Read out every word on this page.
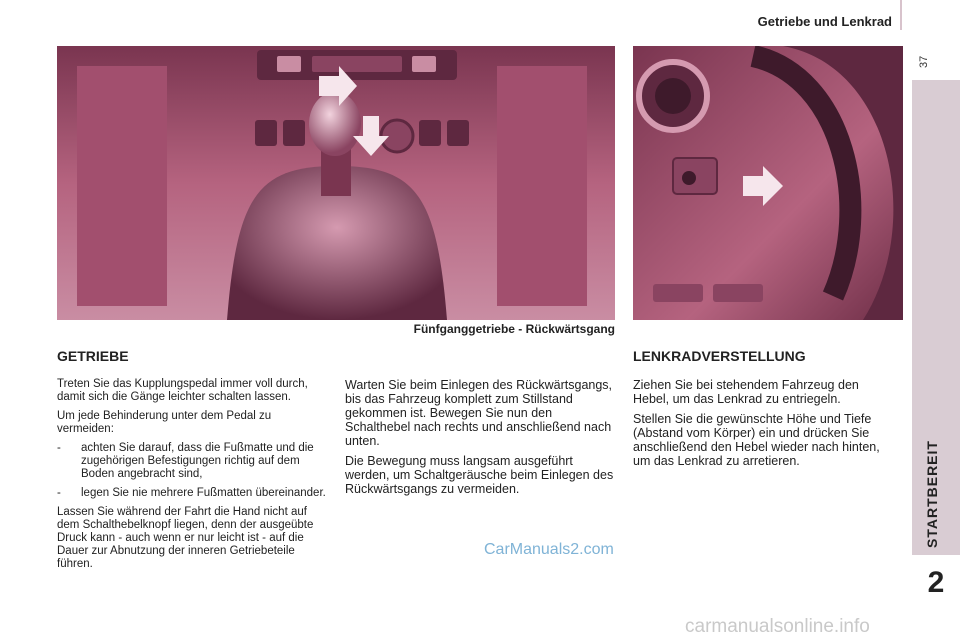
Getriebe und Lenkrad
37
STARTBEREIT
2
Fünfganggetriebe - Rückwärtsgang
GETRIEBE	LENKRADVERSTELLUNG

Treten Sie das Kupplungspedal immer voll durch, damit sich die Gänge leichter schalten lassen.

Um jede Behinderung unter dem Pedal zu vermeiden:

-	achten Sie darauf, dass die Fußmatte und die zugehörigen Befestigungen richtig auf dem Boden angebracht sind,
-	legen Sie nie mehrere Fußmatten übereinander.

Lassen Sie während der Fahrt die Hand nicht auf dem Schalthebelknopf liegen, denn der ausgeübte Druck kann - auch wenn er nur leicht ist - auf die Dauer zur Abnutzung der inneren Getriebeteile führen.

Warten Sie beim Einlegen des Rückwärtsgangs, bis das Fahrzeug komplett zum Stillstand gekommen ist. Bewegen Sie nun den Schalthebel nach rechts und anschließend nach unten.

Die Bewegung muss langsam ausgeführt werden, um Schaltgeräusche beim Einlegen des Rückwärtsgangs zu vermeiden.

Ziehen Sie bei stehendem Fahrzeug den Hebel, um das Lenkrad zu entriegeln.

Stellen Sie die gewünschte Höhe und Tiefe (Abstand vom Körper) ein und drücken Sie anschließend den Hebel wieder nach hinten, um das Lenkrad zu arretieren.

CarManuals2.com
carmanualsonline.info
